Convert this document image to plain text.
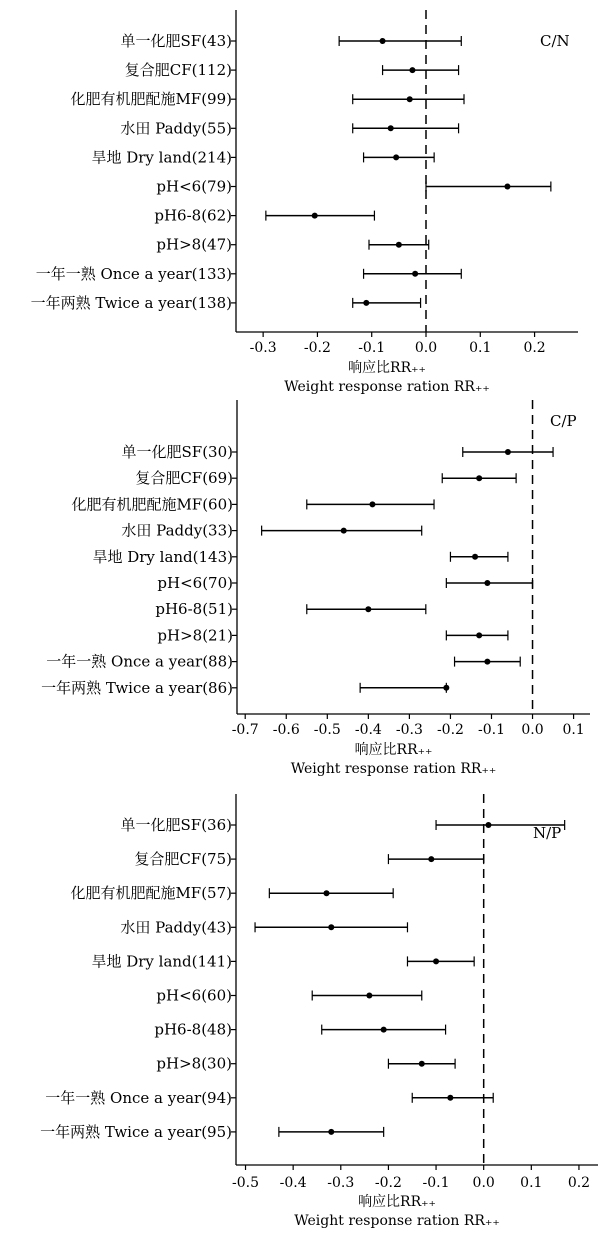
-0.3 -0.2 -0.1 0.0 0.1 0.2
单一化肥SF(43)
复合肥CF(112)
化肥有机肥配施MF(99)
水田 Paddy(55)
旱地 Dry land(214)
pH<6(79)
pH6-8(62)
pH>8(47)
一年一熟 Once a year(133)
一年两熟 Twice a year(138)
C/N
响应比RR₊₊
Weight response ration RR₊₊
-0.7 -0.6 -0.5 -0.4 -0.3 -0.2 -0.1 0.0 0.1
单一化肥SF(30)
复合肥CF(69)
化肥有机肥配施MF(60)
水田 Paddy(33)
旱地 Dry land(143)
pH<6(70)
pH6-8(51)
pH>8(21)
一年一熟 Once a year(88)
一年两熟 Twice a year(86)
C/P
响应比RR₊₊
Weight response ration RR₊₊
-0.5 -0.4 -0.3 -0.2 -0.1 0.0 0.1 0.2
单一化肥SF(36)
复合肥CF(75)
化肥有机肥配施MF(57)
水田 Paddy(43)
旱地 Dry land(141)
pH<6(60)
pH6-8(48)
pH>8(30)
一年一熟 Once a year(94)
一年两熟 Twice a year(95)
N/P
响应比RR₊₊
Weight response ration RR₊₊
